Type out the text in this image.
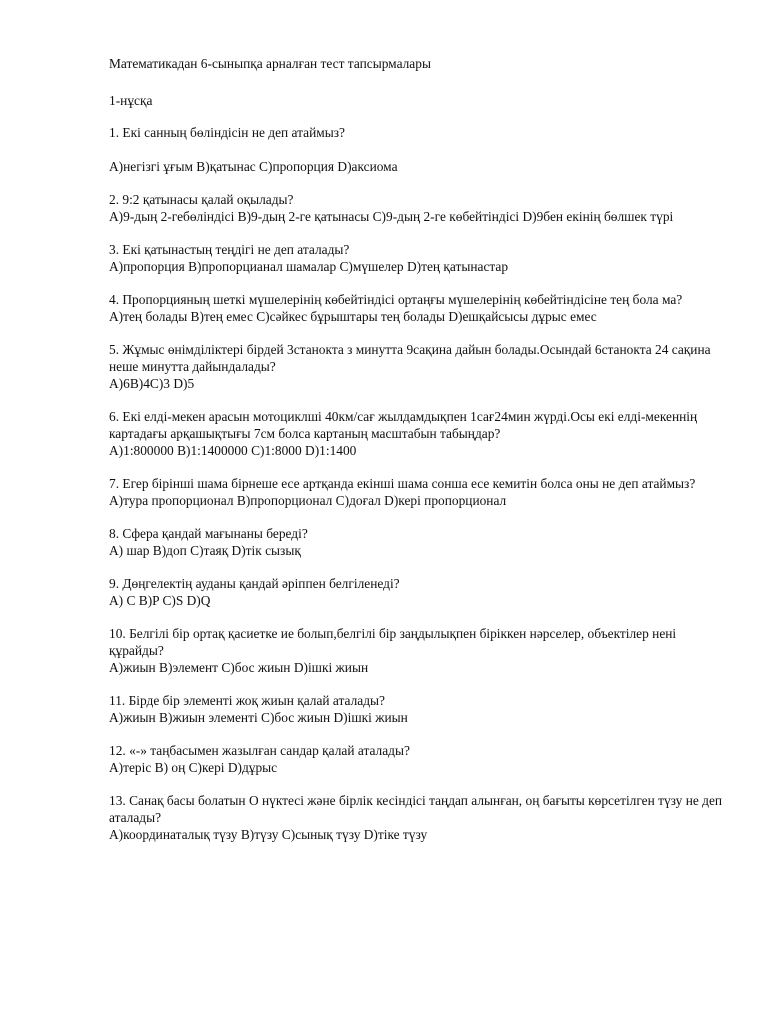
Математикадан 6-сыныпқа арналған тест тапсырмалары
1-нұсқа
1. Екі санның бөліндісін не деп атаймыз?
A)негізгі ұғым B)қатынас C)пропорция D)аксиома
2. 9:2 қатынасы қалай оқылады?
A)9-дың 2-гебөліндісі B)9-дың 2-ге қатынасы C)9-дың 2-ге көбейтіндісі D)9бен екінің бөлшек түрі
3. Екі қатынастың теңдігі не деп аталады?
A)пропорция B)пропорцианал шамалар C)мүшелер D)тең қатынастар
4. Пропорцияның шеткі мүшелерінің көбейтіндісі ортаңғы мүшелерінің көбейтіндісіне тең бола ма?
A)тең болады B)тең емес C)сәйкес бұрыштары тең болады D)ешқайсысы дұрыс емес
5. Жұмыс өнімділіктері бірдей 3станокта з минутта 9сақина дайын болады.Осындай 6станокта 24 сақина неше минутта дайындалады?
A)6B)4C)3 D)5
6. Екі елді-мекен арасын мотоциклші 40км/сағ жылдамдықпен 1сағ24мин жүрді.Осы екі елді-мекеннің картадағы арқашықтығы 7см болса картаның масштабын табыңдар?
A)1:800000 B)1:1400000 C)1:8000 D)1:1400
7. Егер бірінші шама бірнеше есе артқанда екінші шама сонша есе кемитін болса оны не деп атаймыз?
A)тура пропорционал B)пропорционал C)доғал D)кері пропорционал
8. Сфера қандай мағынаны береді?
A) шар B)доп C)таяқ D)тік сызық
9. Дөңгелектің ауданы қандай әріппен белгіленеді?
A) C B)P C)S D)Q
10. Белгілі бір ортақ қасиетке ие болып,белгілі бір заңдылықпен біріккен нәрселер, объектілер нені құрайды?
A)жиын B)элемент C)бос жиын D)ішкі жиын
11. Бірде бір элементі жоқ жиын қалай аталады?
A)жиын B)жиын элементі C)бос жиын D)ішкі жиын
12. «-» таңбасымен жазылған сандар қалай аталады?
A)теріс B) оң C)кері D)дұрыс
13. Санақ басы болатын О нүктесі және бірлік кесіндісі таңдап алынған, оң бағыты көрсетілген түзу не деп аталады?
A)координаталық түзу B)түзу C)сынық түзу D)тіке түзу
